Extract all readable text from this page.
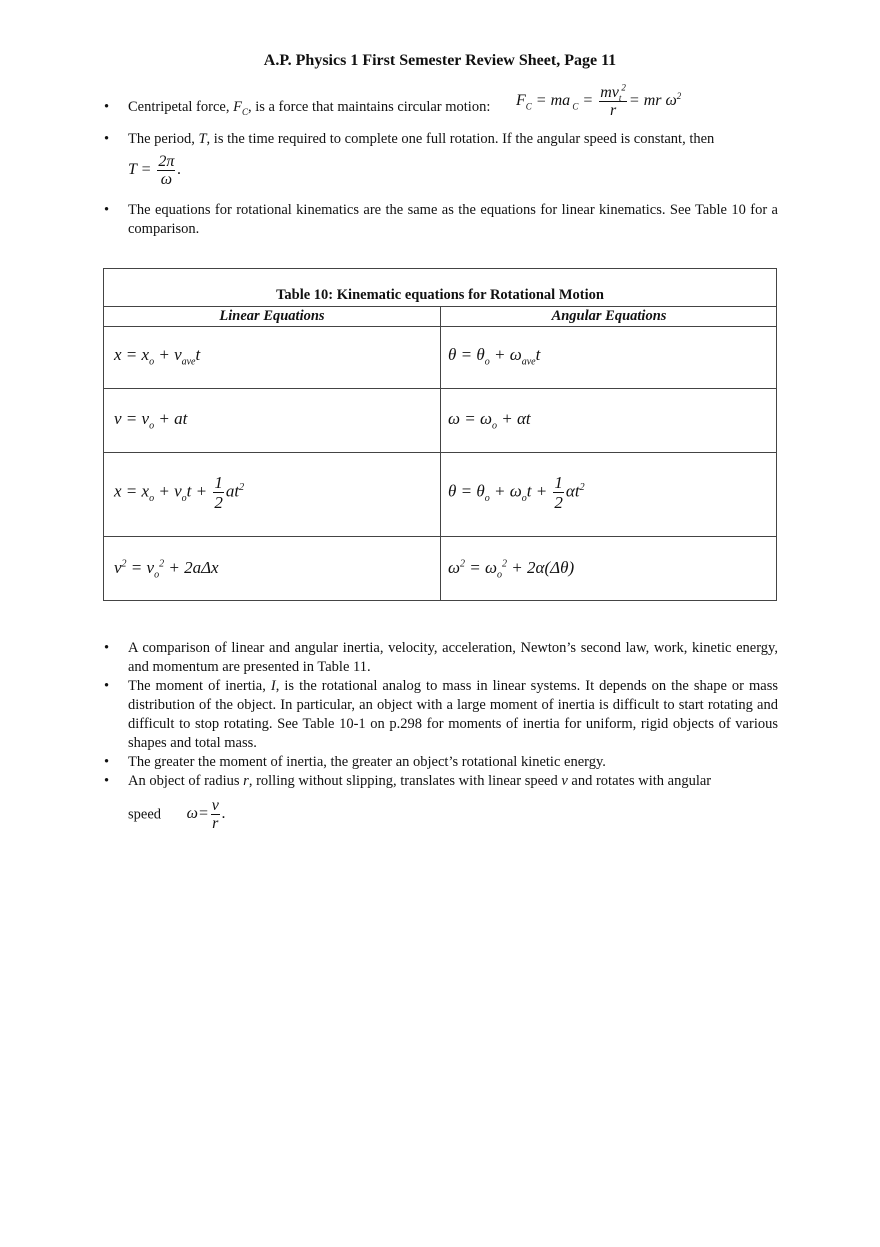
A.P. Physics 1 First Semester Review Sheet, Page 11
• Centripetal force, $F_C$, is a force that maintains circular motion: $F_C$ = ma $_C = \frac{mv_t^2}{r}$ = mr $\omega^2$
• The period, T, is the time required to complete one full rotation. If the angular speed is constant, then
$T = \frac{2\pi}{\omega}$ .
• The equations for rotational kinematics are the same as the equations for linear kinematics. See Table 10 for a comparison.
Table 10: Kinematic equations for Rotational Motion
Linear Equations	Angular Equations
$x = x_o + v_{ave}t$	$\theta = \theta_o + \omega_{ave}t$
$v = v_o$ + at	$\omega = \omega_o + \alpha t$
$x = x_o + v_ot + \frac{1}{2} at^2$	$\theta = \theta_o + \omega_ot + \frac{1}{2} \alpha t^2$
$v^2 = v_o^2 + 2a\Delta x$	$\omega^2 = \omega_o^2 + 2\alpha(\Delta\theta)$
• A comparison of linear and angular inertia, velocity, acceleration, Newton’s second law, work, kinetic energy, and momentum are presented in Table 11.
• The moment of inertia, I, is the rotational analog to mass in linear systems. It depends on the shape or mass distribution of the object. In particular, an object with a large moment of inertia is difficult to start rotating and difficult to stop rotating. See Table 10-1 on p.298 for moments of inertia for uniform, rigid objects of various shapes and total mass.
• The greater the moment of inertia, the greater an object’s rotational kinetic energy.
• An object of radius r, rolling without slipping, translates with linear speed v and rotates with angular
speed $\omega= \frac{v}{r}$ .
